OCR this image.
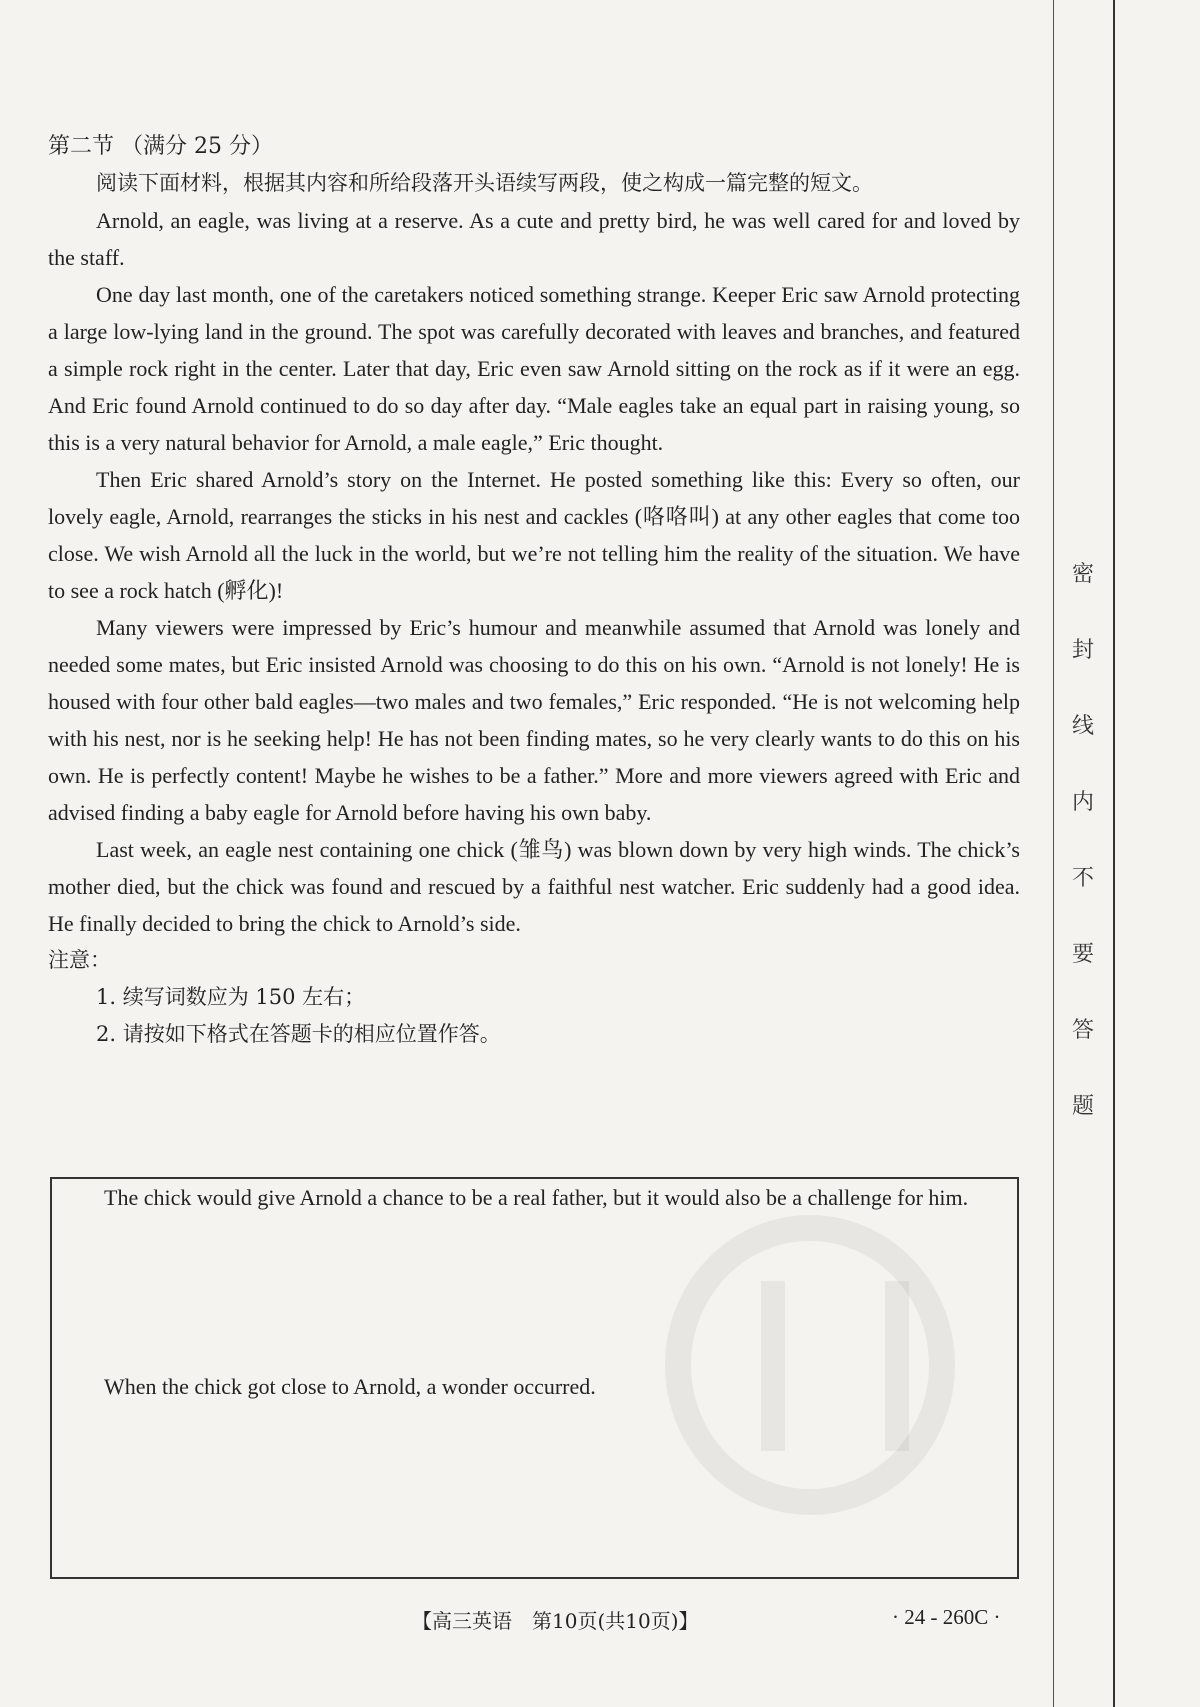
密
封
线
内
不
要
答
题

第二节 （满分 25 分）

阅读下面材料，根据其内容和所给段落开头语续写两段，使之构成一篇完整的短文。

Arnold, an eagle, was living at a reserve. As a cute and pretty bird, he was well cared for and loved by the staff.

One day last month, one of the caretakers noticed something strange. Keeper Eric saw Arnold protecting a large low-lying land in the ground. The spot was carefully decorated with leaves and branches, and featured a simple rock right in the center. Later that day, Eric even saw Arnold sitting on the rock as if it were an egg. And Eric found Arnold continued to do so day after day. “Male eagles take an equal part in raising young, so this is a very natural behavior for Arnold, a male eagle,” Eric thought.

Then Eric shared Arnold’s story on the Internet. He posted something like this: Every so often, our lovely eagle, Arnold, rearranges the sticks in his nest and cackles (咯咯叫) at any other eagles that come too close. We wish Arnold all the luck in the world, but we’re not telling him the reality of the situation. We have to see a rock hatch (孵化)!

Many viewers were impressed by Eric’s humour and meanwhile assumed that Arnold was lonely and needed some mates, but Eric insisted Arnold was choosing to do this on his own. “Arnold is not lonely! He is housed with four other bald eagles—two males and two females,” Eric responded. “He is not welcoming help with his nest, nor is he seeking help! He has not been finding mates, so he very clearly wants to do this on his own. He is perfectly content! Maybe he wishes to be a father.” More and more viewers agreed with Eric and advised finding a baby eagle for Arnold before having his own baby.

Last week, an eagle nest containing one chick (雏鸟) was blown down by very high winds. The chick’s mother died, but the chick was found and rescued by a faithful nest watcher. Eric suddenly had a good idea. He finally decided to bring the chick to Arnold’s side.

注意：

1. 续写词数应为 150 左右；

2. 请按如下格式在答题卡的相应位置作答。

The chick would give Arnold a chance to be a real father, but it would also be a challenge for him.

When the chick got close to Arnold, a wonder occurred.

【高三英语　第10页(共10页)】	· 24 - 260C ·
